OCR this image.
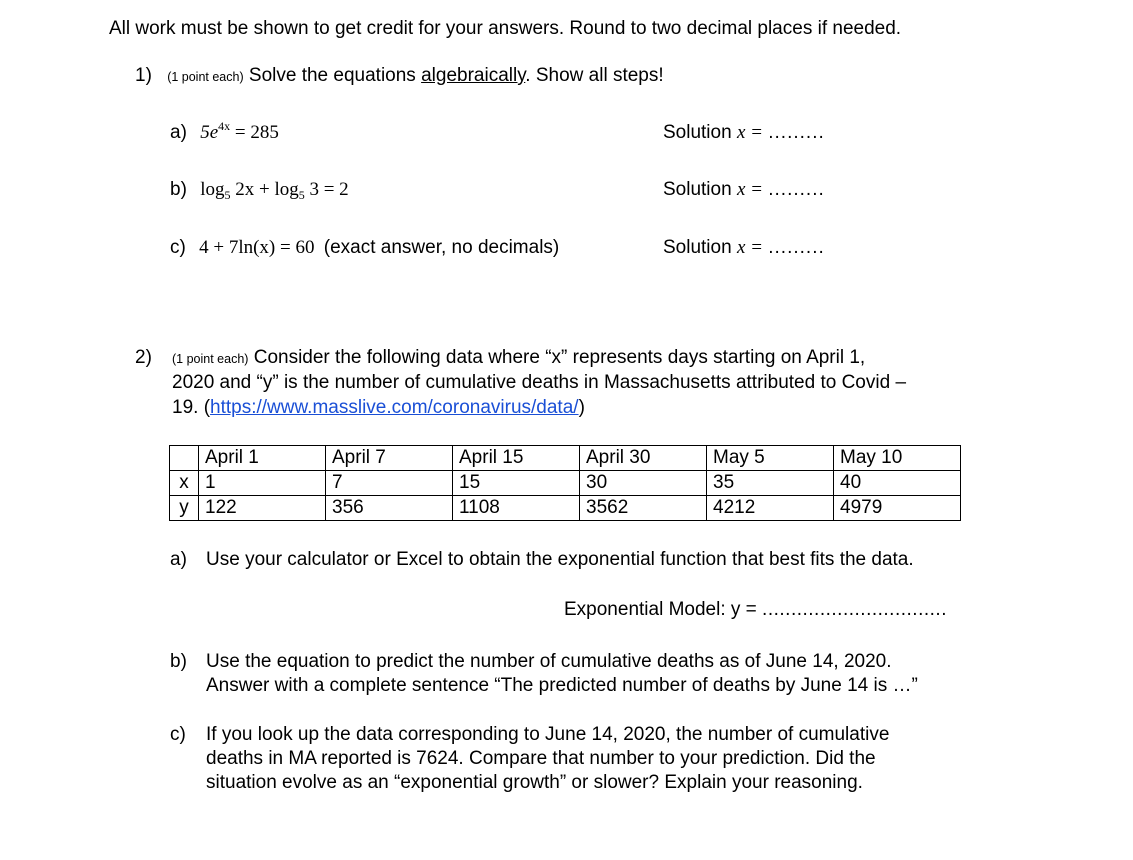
All work must be shown to get credit for your answers. Round to two decimal places if needed.
1) (1 point each) Solve the equations algebraically. Show all steps!
a) $5e^{4x} = 285$	Solution x = .........
b) $\log_5 2x + \log_5 3 = 2$	Solution x = .........
c) 4 + 7ln(x) = 60 (exact answer, no decimals)	Solution x = .........
2) (1 point each) Consider the following data where “x” represents days starting on April 1,
2020 and “y” is the number of cumulative deaths in Massachusetts attributed to Covid –
19. (https://www.masslive.com/coronavirus/data/)
	April 1	April 7	April 15	April 30	May 5	May 10
x	1	7	15	30	35	40
y	122	356	1108	3562	4212	4979
a) Use your calculator or Excel to obtain the exponential function that best fits the data.
Exponential Model: y = ................................
b) Use the equation to predict the number of cumulative deaths as of June 14, 2020.
Answer with a complete sentence “The predicted number of deaths by June 14 is …”
c) If you look up the data corresponding to June 14, 2020, the number of cumulative
deaths in MA reported is 7624. Compare that number to your prediction. Did the
situation evolve as an “exponential growth” or slower? Explain your reasoning.
